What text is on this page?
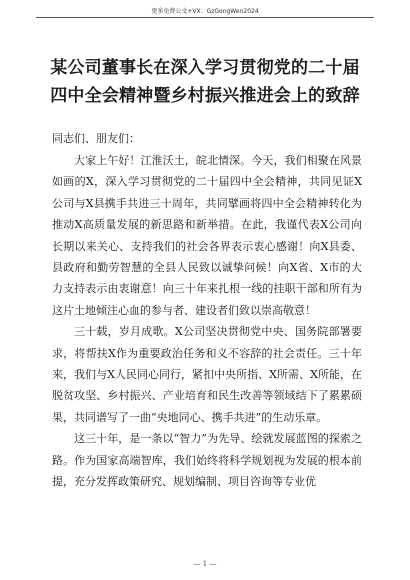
更多免费公文+VX：GzGongWen2024
某公司董事长在深入学习贯彻党的二十届四中全会精神暨乡村振兴推进会上的致辞
同志们、朋友们：

大家上午好！江淮沃土，皖北情深。今天，我们相聚在风景如画的X，深入学习贯彻党的二十届四中全会精神，共同见证X公司与X县携手共进三十周年，共同擘画将四中全会精神转化为推动X高质量发展的新思路和新举措。在此，我谨代表X公司向长期以来关心、支持我们的社会各界表示衷心感谢！向X县委、县政府和勤劳智慧的全县人民致以诚挚问候！向X省、X市的大力支持表示由衷谢意！向三十年来扎根一线的挂职干部和所有为这片土地倾注心血的参与者、建设者们致以崇高敬意！

三十载，岁月成歌。X公司坚决贯彻党中央、国务院部署要求，将帮扶X作为重要政治任务和义不容辞的社会责任。三十年来，我们与X人民同心同行，紧扣中央所指、X所需、X所能，在脱贫攻坚、乡村振兴、产业培育和民生改善等领域结下了累累硕果，共同谱写了一曲“央地同心、携手共进”的生动乐章。

这三十年，是一条以“智力”为先导、绘就发展蓝图的探索之路。作为国家高端智库，我们始终将科学规划视为发展的根本前提，充分发挥政策研究、规划编制、项目咨询等专业优

— 1 —
